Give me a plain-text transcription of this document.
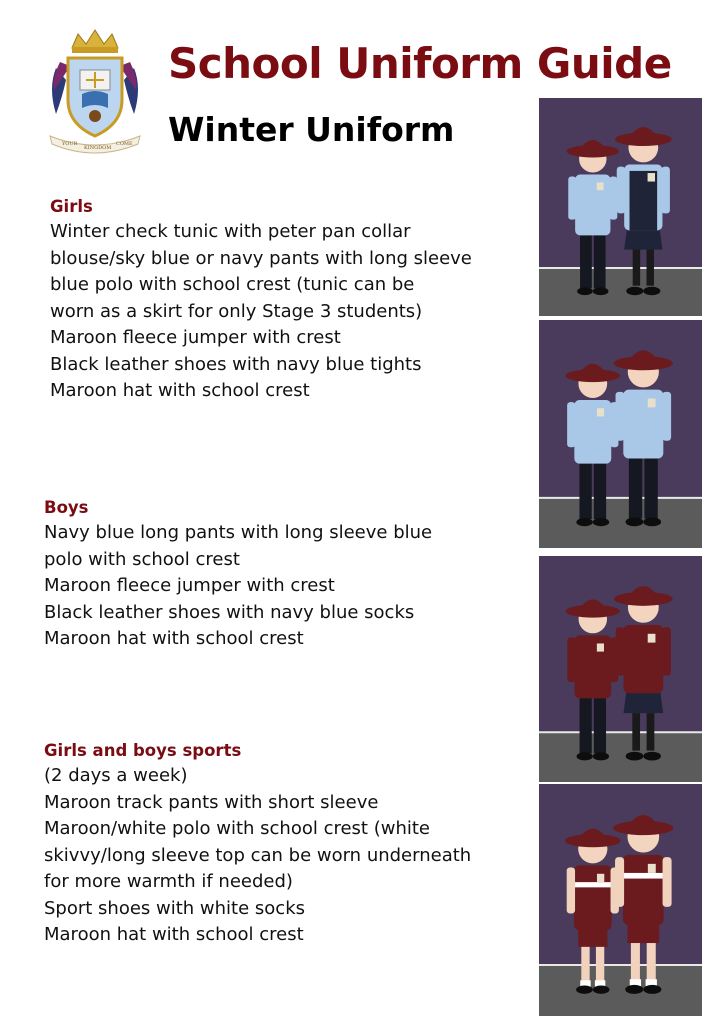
YOUR
KINGDOM
COME
School Uniform Guide
Winter Uniform
Girls
Winter check tunic with peter pan collar
blouse/sky blue or navy pants with long sleeve
blue polo with school crest (tunic can be
worn as a skirt for only Stage 3 students)
Maroon fleece jumper with crest
Black leather shoes with navy blue tights
Maroon hat with school crest
Boys
Navy blue long pants with long sleeve blue
polo with school crest
Maroon fleece jumper with crest
Black leather shoes with navy blue socks
Maroon hat with school crest
Girls and boys sports
(2 days a week)
Maroon track pants with short sleeve
Maroon/white polo with school crest (white
skivvy/long sleeve top can be worn underneath
for more warmth if needed)
Sport shoes with white socks
Maroon hat with school crest
